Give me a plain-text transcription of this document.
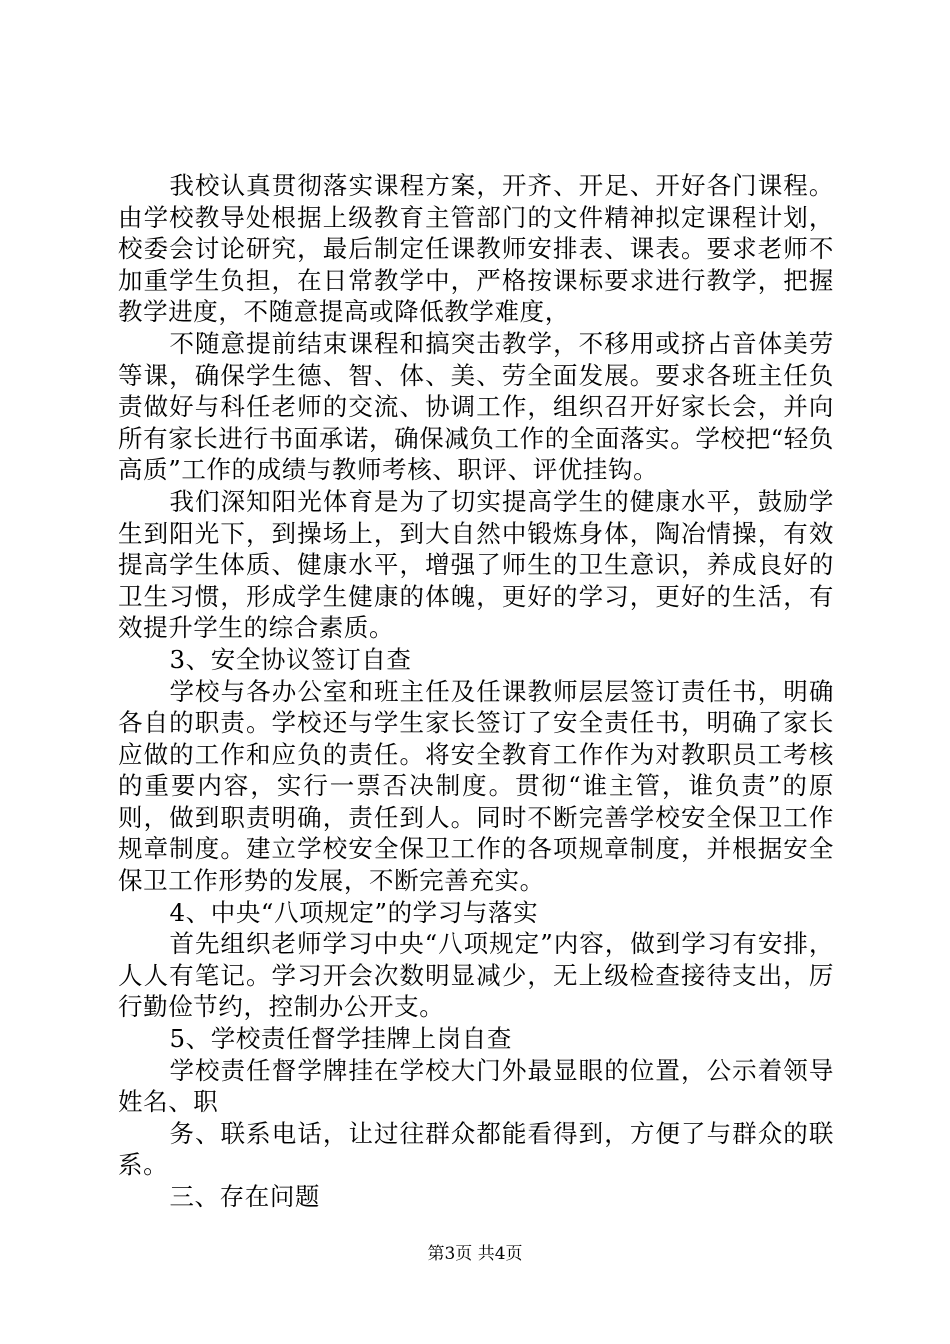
我校认真贯彻落实课程方案，开齐、开足、开好各门课程。由学校教导处根据上级教育主管部门的文件精神拟定课程计划，校委会讨论研究，最后制定任课教师安排表、课表。要求老师不加重学生负担，在日常教学中，严格按课标要求进行教学，把握教学进度，不随意提高或降低教学难度，

不随意提前结束课程和搞突击教学，不移用或挤占音体美劳等课，确保学生德、智、体、美、劳全面发展。要求各班主任负责做好与科任老师的交流、协调工作，组织召开好家长会，并向所有家长进行书面承诺，确保减负工作的全面落实。学校把“轻负高质”工作的成绩与教师考核、职评、评优挂钩。

我们深知阳光体育是为了切实提高学生的健康水平，鼓励学生到阳光下，到操场上，到大自然中锻炼身体，陶冶情操，有效提高学生体质、健康水平，增强了师生的卫生意识，养成良好的卫生习惯，形成学生健康的体魄，更好的学习，更好的生活，有效提升学生的综合素质。

3、安全协议签订自查

学校与各办公室和班主任及任课教师层层签订责任书，明确各自的职责。学校还与学生家长签订了安全责任书，明确了家长应做的工作和应负的责任。将安全教育工作作为对教职员工考核的重要内容，实行一票否决制度。贯彻“谁主管，谁负责”的原则，做到职责明确，责任到人。同时不断完善学校安全保卫工作规章制度。建立学校安全保卫工作的各项规章制度，并根据安全保卫工作形势的发展，不断完善充实。

4、中央“八项规定”的学习与落实

首先组织老师学习中央“八项规定”内容，做到学习有安排，人人有笔记。学习开会次数明显减少，无上级检查接待支出，厉行勤俭节约，控制办公开支。

5、学校责任督学挂牌上岗自查

学校责任督学牌挂在学校大门外最显眼的位置，公示着领导姓名、职

务、联系电话，让过往群众都能看得到，方便了与群众的联系。

三、存在问题

第3页 共4页
